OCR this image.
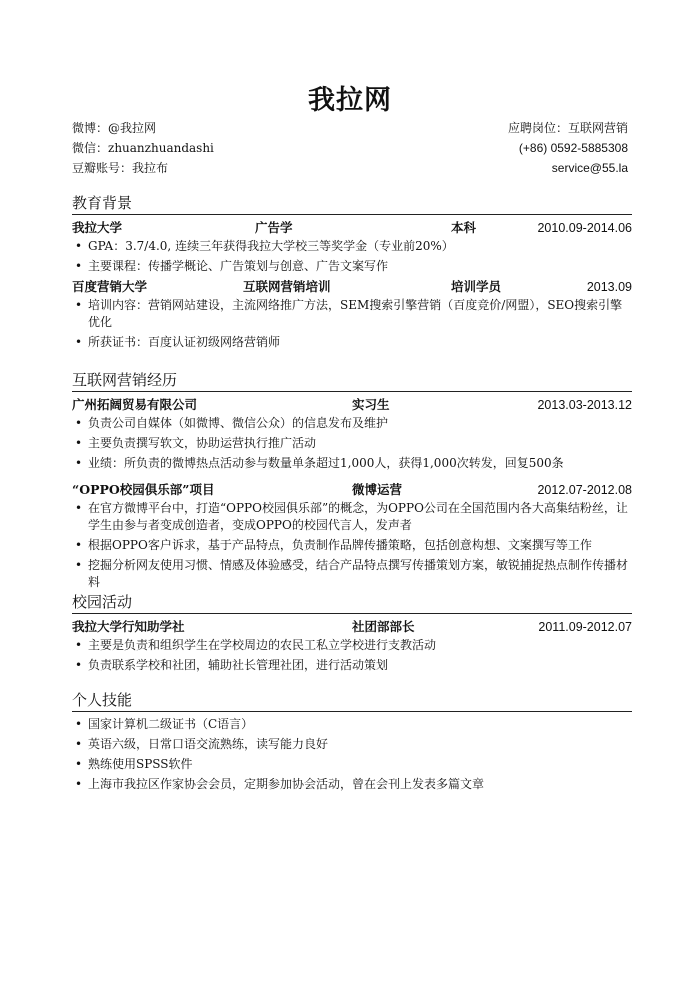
我拉网
微博：@我拉网
微信：zhuanzhuandashi
豆瓣账号：我拉布
应聘岗位：互联网营销
(+86) 0592-5885308
service@55.la
教育背景
我拉大学	广告学	本科	2010.09-2014.06
• GPA：3.7/4.0, 连续三年获得我拉大学校三等奖学金（专业前20%）
• 主要课程：传播学概论、广告策划与创意、广告文案写作
百度营销大学	互联网营销培训	培训学员	2013.09
• 培训内容：营销网站建设，主流网络推广方法，SEM搜索引擎营销（百度竞价/网盟），SEO搜索引擎优化
• 所获证书：百度认证初级网络营销师
互联网营销经历
广州拓阔贸易有限公司	实习生	2013.03-2013.12
• 负责公司自媒体（如微博、微信公众）的信息发布及维护
• 主要负责撰写软文，协助运营执行推广活动
• 业绩：所负责的微博热点活动参与数量单条超过1,000人，获得1,000次转发，回复500条
“OPPO校园俱乐部”项目	微博运营	2012.07-2012.08
• 在官方微博平台中，打造“OPPO校园俱乐部”的概念，为OPPO公司在全国范围内各大高集结粉丝，让学生由参与者变成创造者，变成OPPO的校园代言人，发声者
• 根据OPPO客户诉求，基于产品特点，负责制作品牌传播策略，包括创意构想、文案撰写等工作
• 挖掘分析网友使用习惯、情感及体验感受，结合产品特点撰写传播策划方案，敏锐捕捉热点制作传播材料
校园活动
我拉大学行知助学社	社团部部长	2011.09-2012.07
• 主要是负责和组织学生在学校周边的农民工私立学校进行支教活动
• 负责联系学校和社团，辅助社长管理社团，进行活动策划
个人技能
• 国家计算机二级证书（C语言）
• 英语六级，日常口语交流熟练，读写能力良好
• 熟练使用SPSS软件
• 上海市我拉区作家协会会员，定期参加协会活动，曾在会刊上发表多篇文章
